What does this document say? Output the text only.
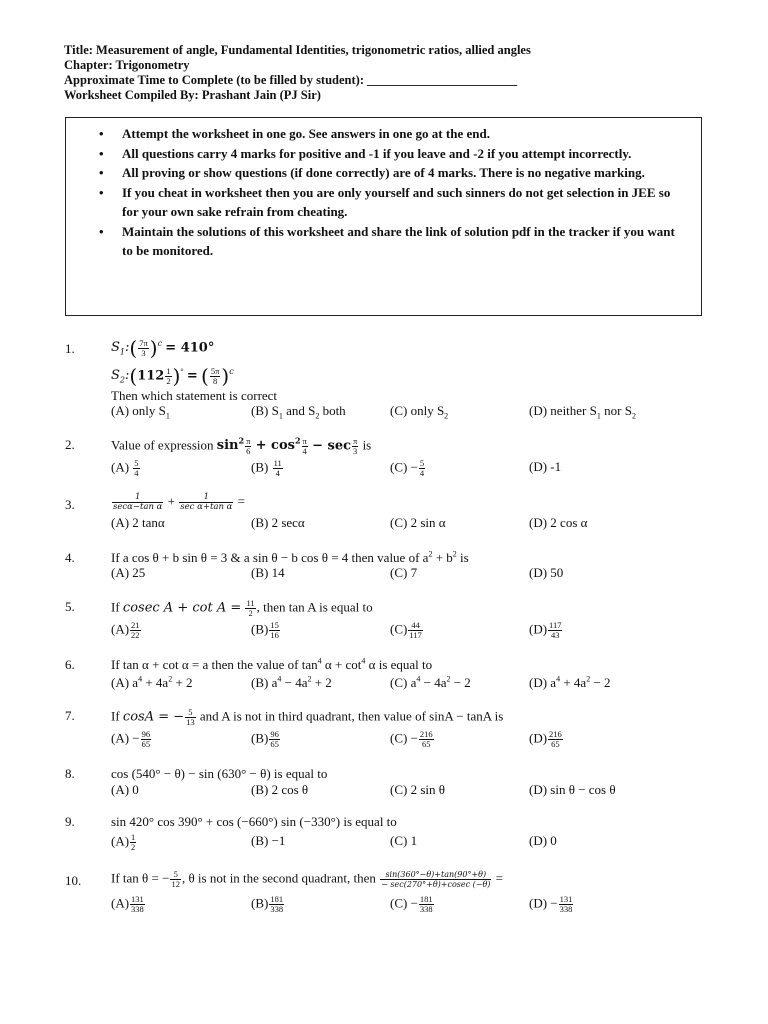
Title: Measurement of angle, Fundamental Identities, trigonometric ratios, allied angles
Chapter: Trigonometry
Approximate Time to Complete (to be filled by student): ________________________
Worksheet Compiled By: Prashant Jain (PJ Sir)
• Attempt the worksheet in one go. See answers in one go at the end.
• All questions carry 4 marks for positive and -1 if you leave and -2 if you attempt incorrectly.
• All proving or show questions (if done correctly) are of 4 marks. There is no negative marking.
• If you cheat in worksheet then you are only yourself and such sinners do not get selection in JEE so for your own sake refrain from cheating.
• Maintain the solutions of this worksheet and share the link of solution pdf in the tracker if you want to be monitored.
1.	$S_1:( \frac{7\pi}{3} )^c = 410^\circ$
$S_2:(112 \frac{1}{2} )^\circ$ = ( $\frac{5\pi}{8} )^c$
Then which statement is correct
(A) only $S_1$	(B) $S_1$ and $S_2$ both	(C) only $S_2$	(D) neither $S_1$ nor $S_2$
2.	Value of expression $\sin^2 \frac{\pi}{6} + \cos^2 \frac{\pi}{4} - \sec \frac{\pi}{3}$ is
$(A) \frac{5}{4}$	$(B) \frac{11}{4}$	$(C) - \frac{5}{4}$	(D) -1
3.	$\frac{1}{\text{secα−tan α}} + \frac{1}{\text{sec α+tan α}}$ =
(A) 2 tanα	(B) 2 secα	(C) 2 sin α	(D) 2 cos α
4.	If a cos θ + b sin θ = 3 & a sin θ − b cos θ = 4 then value of $a^2 + b^2$ is
(A) 25	(B) 14	(C) 7	(D) 50
5.	If cosec $A + \cot A = \frac{11}{2}$ , then tan A is equal to
$(A) \frac{21}{22}$	$(B) \frac{15}{16}$	$(C) \frac{44}{117}$	$(D) \frac{117}{43}$
6.	If tan α + cot α = a then the value of $\tan^4 \alpha + \cot^4 \alpha$ is equal to
(A) $a^4 + 4a^2 + 2$	(B) $a^4 - 4a^2 + 2$	(C) $a^4 - 4a^2 - 2$	(D) $a^4 + 4a^2 - 2$
7.	If cosA = − $\frac{5}{13}$ and A is not in third quadrant, then value of sinA − tanA is
$(A) - \frac{96}{65}$	$(B) \frac{96}{65}$	$(C) - \frac{216}{65}$	$(D) \frac{216}{65}$
8.	cos (540° − θ) − sin (630° − θ) is equal to
(A) 0	(B) 2 cos θ	(C) 2 sin θ	(D) sin θ − cos θ
9.	sin 420° cos 390° + cos (−660°) sin (−330°) is equal to
$(A) \frac{1}{2}$	(B) −1	(C) 1	(D) 0
10. If tan θ = − $\frac{5}{12}$ , θ is not in the second quadrant, then $\frac{\sin(360^\circ-\theta)+\tan(90^\circ+\theta)}{- \sec(270^\circ+\theta)+cosec (-\theta)}$ =
$(A) \frac{131}{338}$	$(B) \frac{181}{338}$	$(C) - \frac{181}{338}$	$(D) - \frac{131}{338}$
